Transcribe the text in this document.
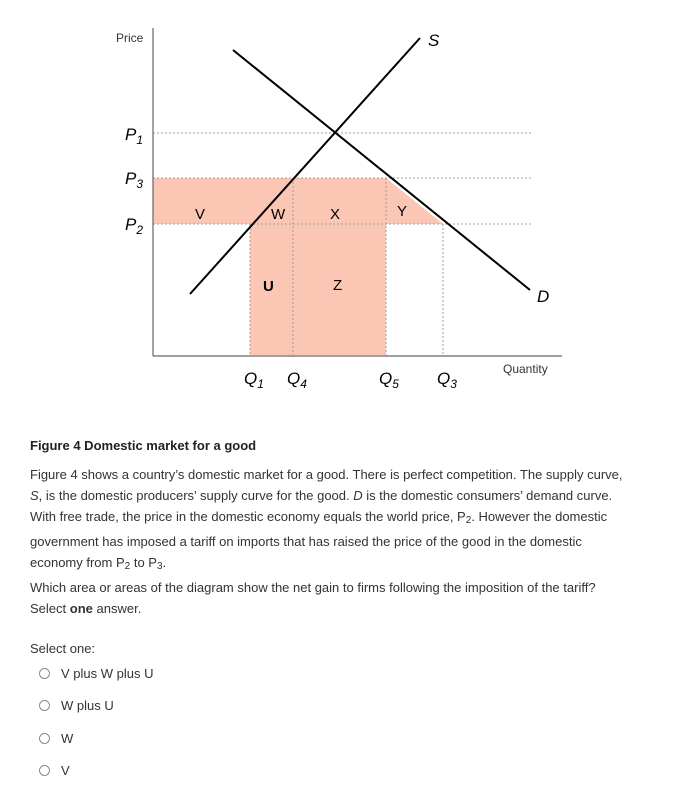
Price
Quantity
$P_1$
$P_3$
$P_2$
$Q_1$ $Q_4$	$Q_5$ $Q_3$
S
D
V	W	X	Y
U	Z
Figure 4 Domestic market for a good
Figure 4 shows a country’s domestic market for a good. There is perfect competition. The supply curve,
S, is the domestic producers’ supply curve for the good. D is the domestic consumers’ demand curve.
With free trade, the price in the domestic economy equals the world price, $P_2$. However the domestic
government has imposed a tariff on imports that has raised the price of the good in the domestic
economy from $P_2$ to $P_3$.
Which area or areas of the diagram show the net gain to firms following the imposition of the tariff?
Select one answer.
Select one:
V plus W plus U
W plus U
W
V
